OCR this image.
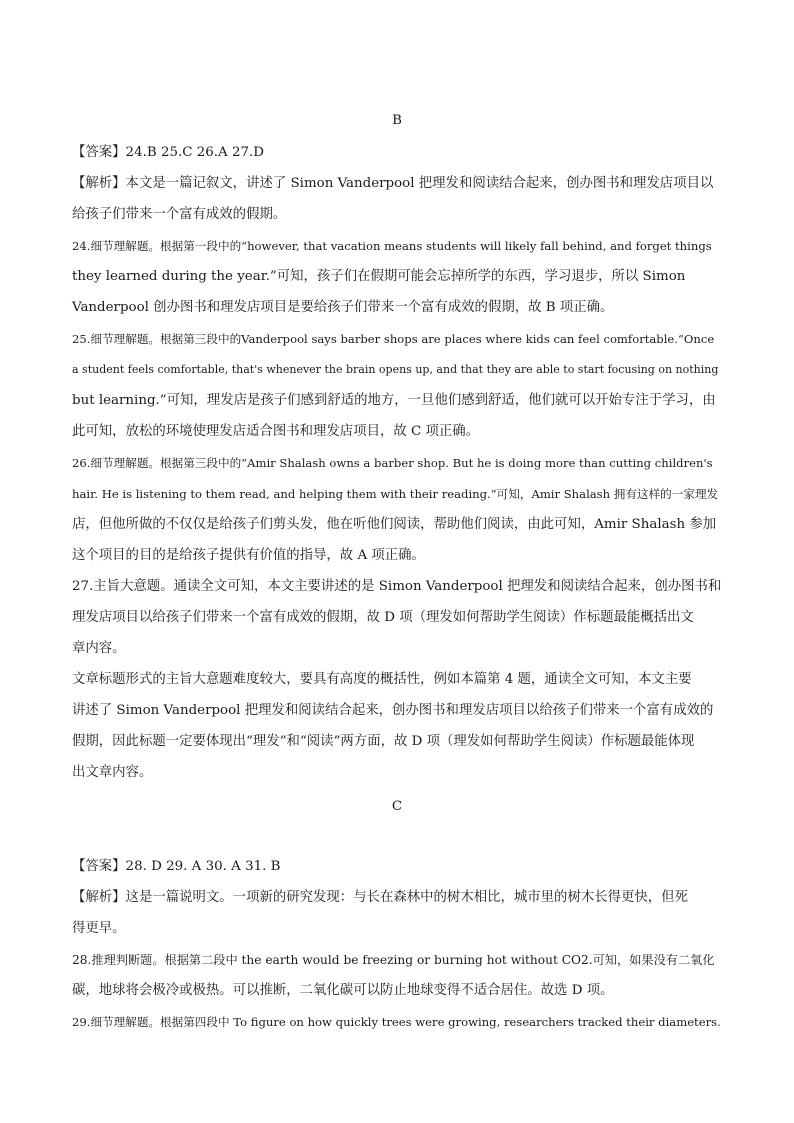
B
【答案】24.B 25.C 26.A 27.D
【解析】本文是一篇记叙文，讲述了 Simon Vanderpool 把理发和阅读结合起来，创办图书和理发店项目以
给孩子们带来一个富有成效的假期。
24.细节理解题。根据第一段中的“however, that vacation means students will likely fall behind, and forget things
they learned during the year.”可知，孩子们在假期可能会忘掉所学的东西，学习退步，所以 Simon
Vanderpool 创办图书和理发店项目是要给孩子们带来一个富有成效的假期，故 B 项正确。
25.细节理解题。根据第三段中的Vanderpool says barber shops are places where kids can feel comfortable.“Once
a student feels comfortable, that's whenever the brain opens up, and that they are able to start focusing on nothing
but learning.”可知，理发店是孩子们感到舒适的地方，一旦他们感到舒适，他们就可以开始专注于学习，由
此可知，放松的环境使理发店适合图书和理发店项目，故 C 项正确。
26.细节理解题。根据第三段中的“Amir Shalash owns a barber shop. But he is doing more than cutting children's
hair. He is listening to them read, and helping them with their reading.”可知，Amir Shalash 拥有这样的一家理发
店，但他所做的不仅仅是给孩子们剪头发，他在听他们阅读，帮助他们阅读，由此可知，Amir Shalash 参加
这个项目的目的是给孩子提供有价值的指导，故 A 项正确。
27.主旨大意题。通读全文可知，本文主要讲述的是 Simon Vanderpool 把理发和阅读结合起来，创办图书和
理发店项目以给孩子们带来一个富有成效的假期，故 D 项（理发如何帮助学生阅读）作标题最能概括出文
章内容。
文章标题形式的主旨大意题难度较大，要具有高度的概括性，例如本篇第 4 题，通读全文可知，本文主要
讲述了 Simon Vanderpool 把理发和阅读结合起来，创办图书和理发店项目以给孩子们带来一个富有成效的
假期，因此标题一定要体现出“理发”和“阅读”两方面，故 D 项（理发如何帮助学生阅读）作标题最能体现
出文章内容。
C
【答案】28. D 29. A 30. A 31. B
【解析】这是一篇说明文。一项新的研究发现：与长在森林中的树木相比，城市里的树木长得更快，但死
得更早。
28.推理判断题。根据第二段中 the earth would be freezing or burning hot without CO2.可知，如果没有二氧化
碳，地球将会极冷或极热。可以推断，二氧化碳可以防止地球变得不适合居住。故选 D 项。
29.细节理解题。根据第四段中 To figure on how quickly trees were growing, researchers tracked their diameters.
